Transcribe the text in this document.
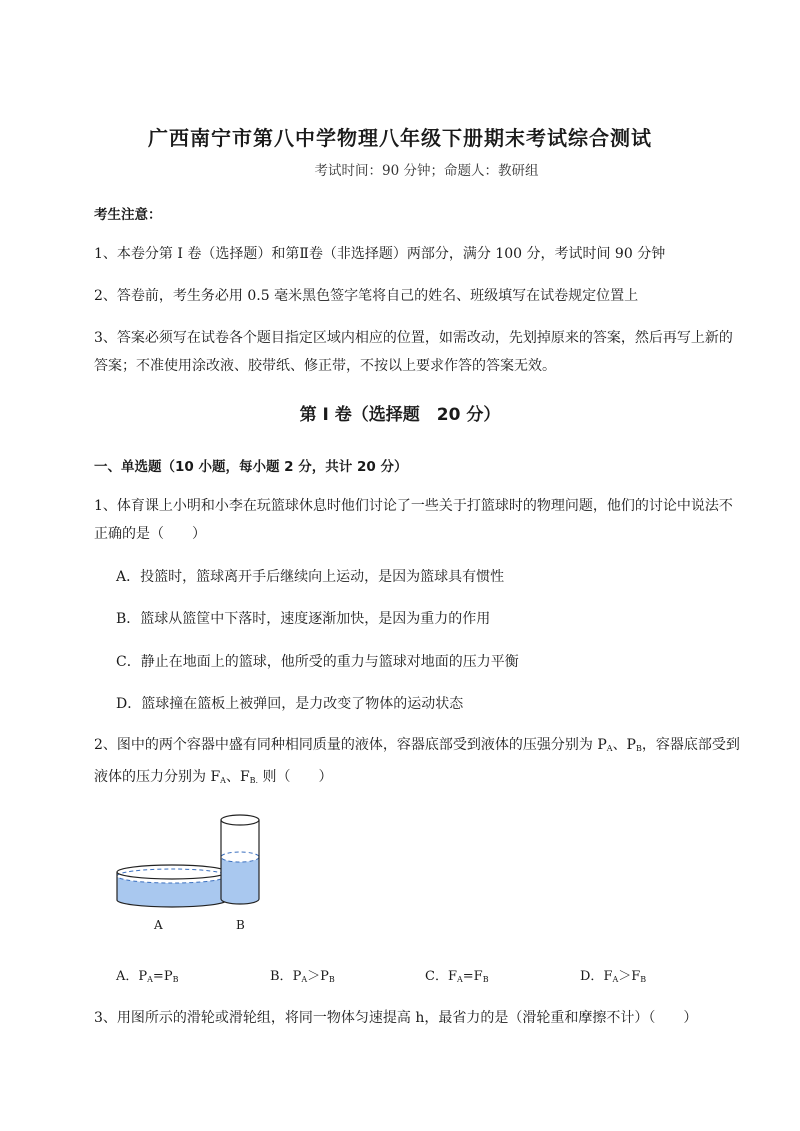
广西南宁市第八中学物理八年级下册期末考试综合测试
考试时间：90 分钟；命题人：教研组
考生注意：
1、本卷分第 I 卷（选择题）和第Ⅱ卷（非选择题）两部分，满分 100 分，考试时间 90 分钟
2、答卷前，考生务必用 0.5 毫米黑色签字笔将自己的姓名、班级填写在试卷规定位置上
3、答案必须写在试卷各个题目指定区域内相应的位置，如需改动，先划掉原来的答案，然后再写上新的答案；不准使用涂改液、胶带纸、修正带，不按以上要求作答的答案无效。
第 I 卷（选择题　20 分）
一、单选题（10 小题，每小题 2 分，共计 20 分）
1、体育课上小明和小李在玩篮球休息时他们讨论了一些关于打篮球时的物理问题，他们的讨论中说法不正确的是（　　）
A．投篮时，篮球离开手后继续向上运动，是因为篮球具有惯性
B．篮球从篮筐中下落时，速度逐渐加快，是因为重力的作用
C．静止在地面上的篮球，他所受的重力与篮球对地面的压力平衡
D．篮球撞在篮板上被弹回，是力改变了物体的运动状态
2、图中的两个容器中盛有同种相同质量的液体，容器底部受到液体的压强分别为 $P_A$、$P_B$，容器底部受到液体的压力分别为 $F_A$、$F_{B.}$ 则（　　）
A	B
A．$P_A=P_B$	B．$P_A>P_B$	C．$F_A=F_B$	D．$F_A>F_B$
3、用图所示的滑轮或滑轮组，将同一物体匀速提高 h，最省力的是（滑轮重和摩擦不计）（　　）
